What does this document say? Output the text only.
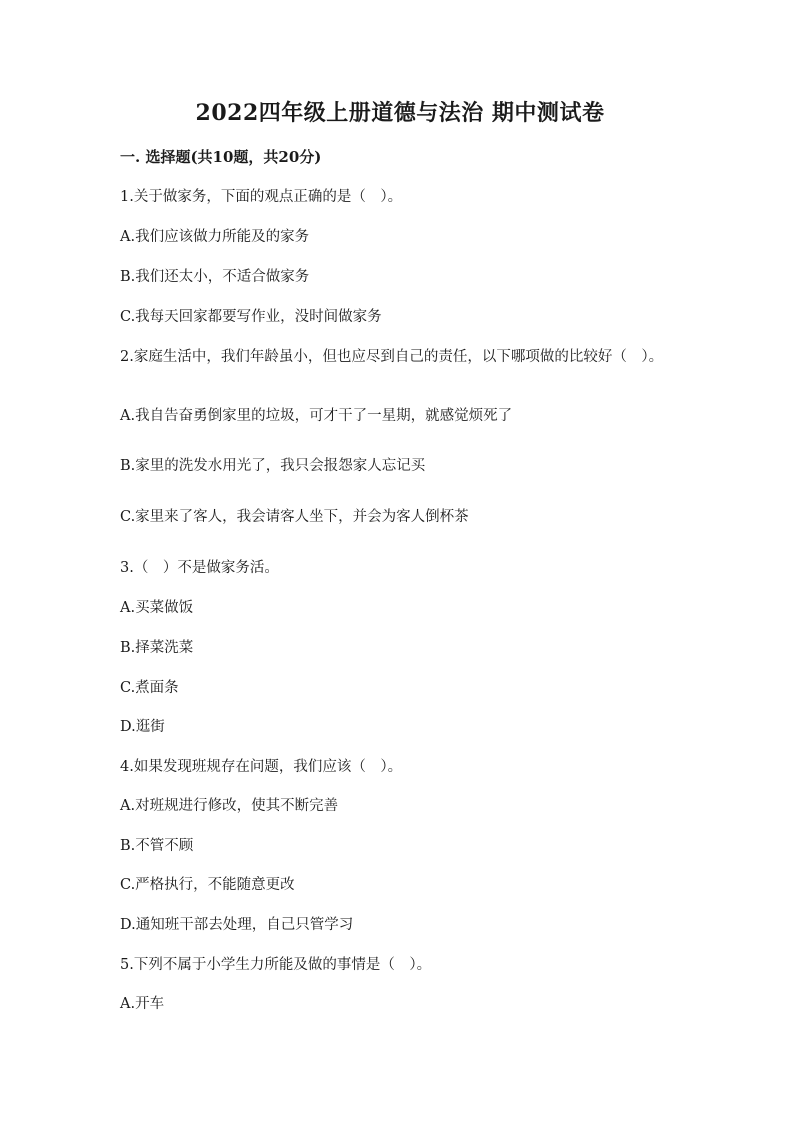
2022四年级上册道德与法治 期中测试卷
一. 选择题(共10题，共20分)
1.关于做家务，下面的观点正确的是（　）。
A.我们应该做力所能及的家务
B.我们还太小，不适合做家务
C.我每天回家都要写作业，没时间做家务
2.家庭生活中，我们年龄虽小，但也应尽到自己的责任，以下哪项做的比较好（　）。
A.我自告奋勇倒家里的垃圾，可才干了一星期，就感觉烦死了
B.家里的洗发水用光了，我只会报怨家人忘记买
C.家里来了客人，我会请客人坐下，并会为客人倒杯茶
3.（　）不是做家务活。
A.买菜做饭
B.择菜洗菜
C.煮面条
D.逛街
4.如果发现班规存在问题，我们应该（　）。
A.对班规进行修改，使其不断完善
B.不管不顾
C.严格执行，不能随意更改
D.通知班干部去处理，自己只管学习
5.下列不属于小学生力所能及做的事情是（　）。
A.开车
